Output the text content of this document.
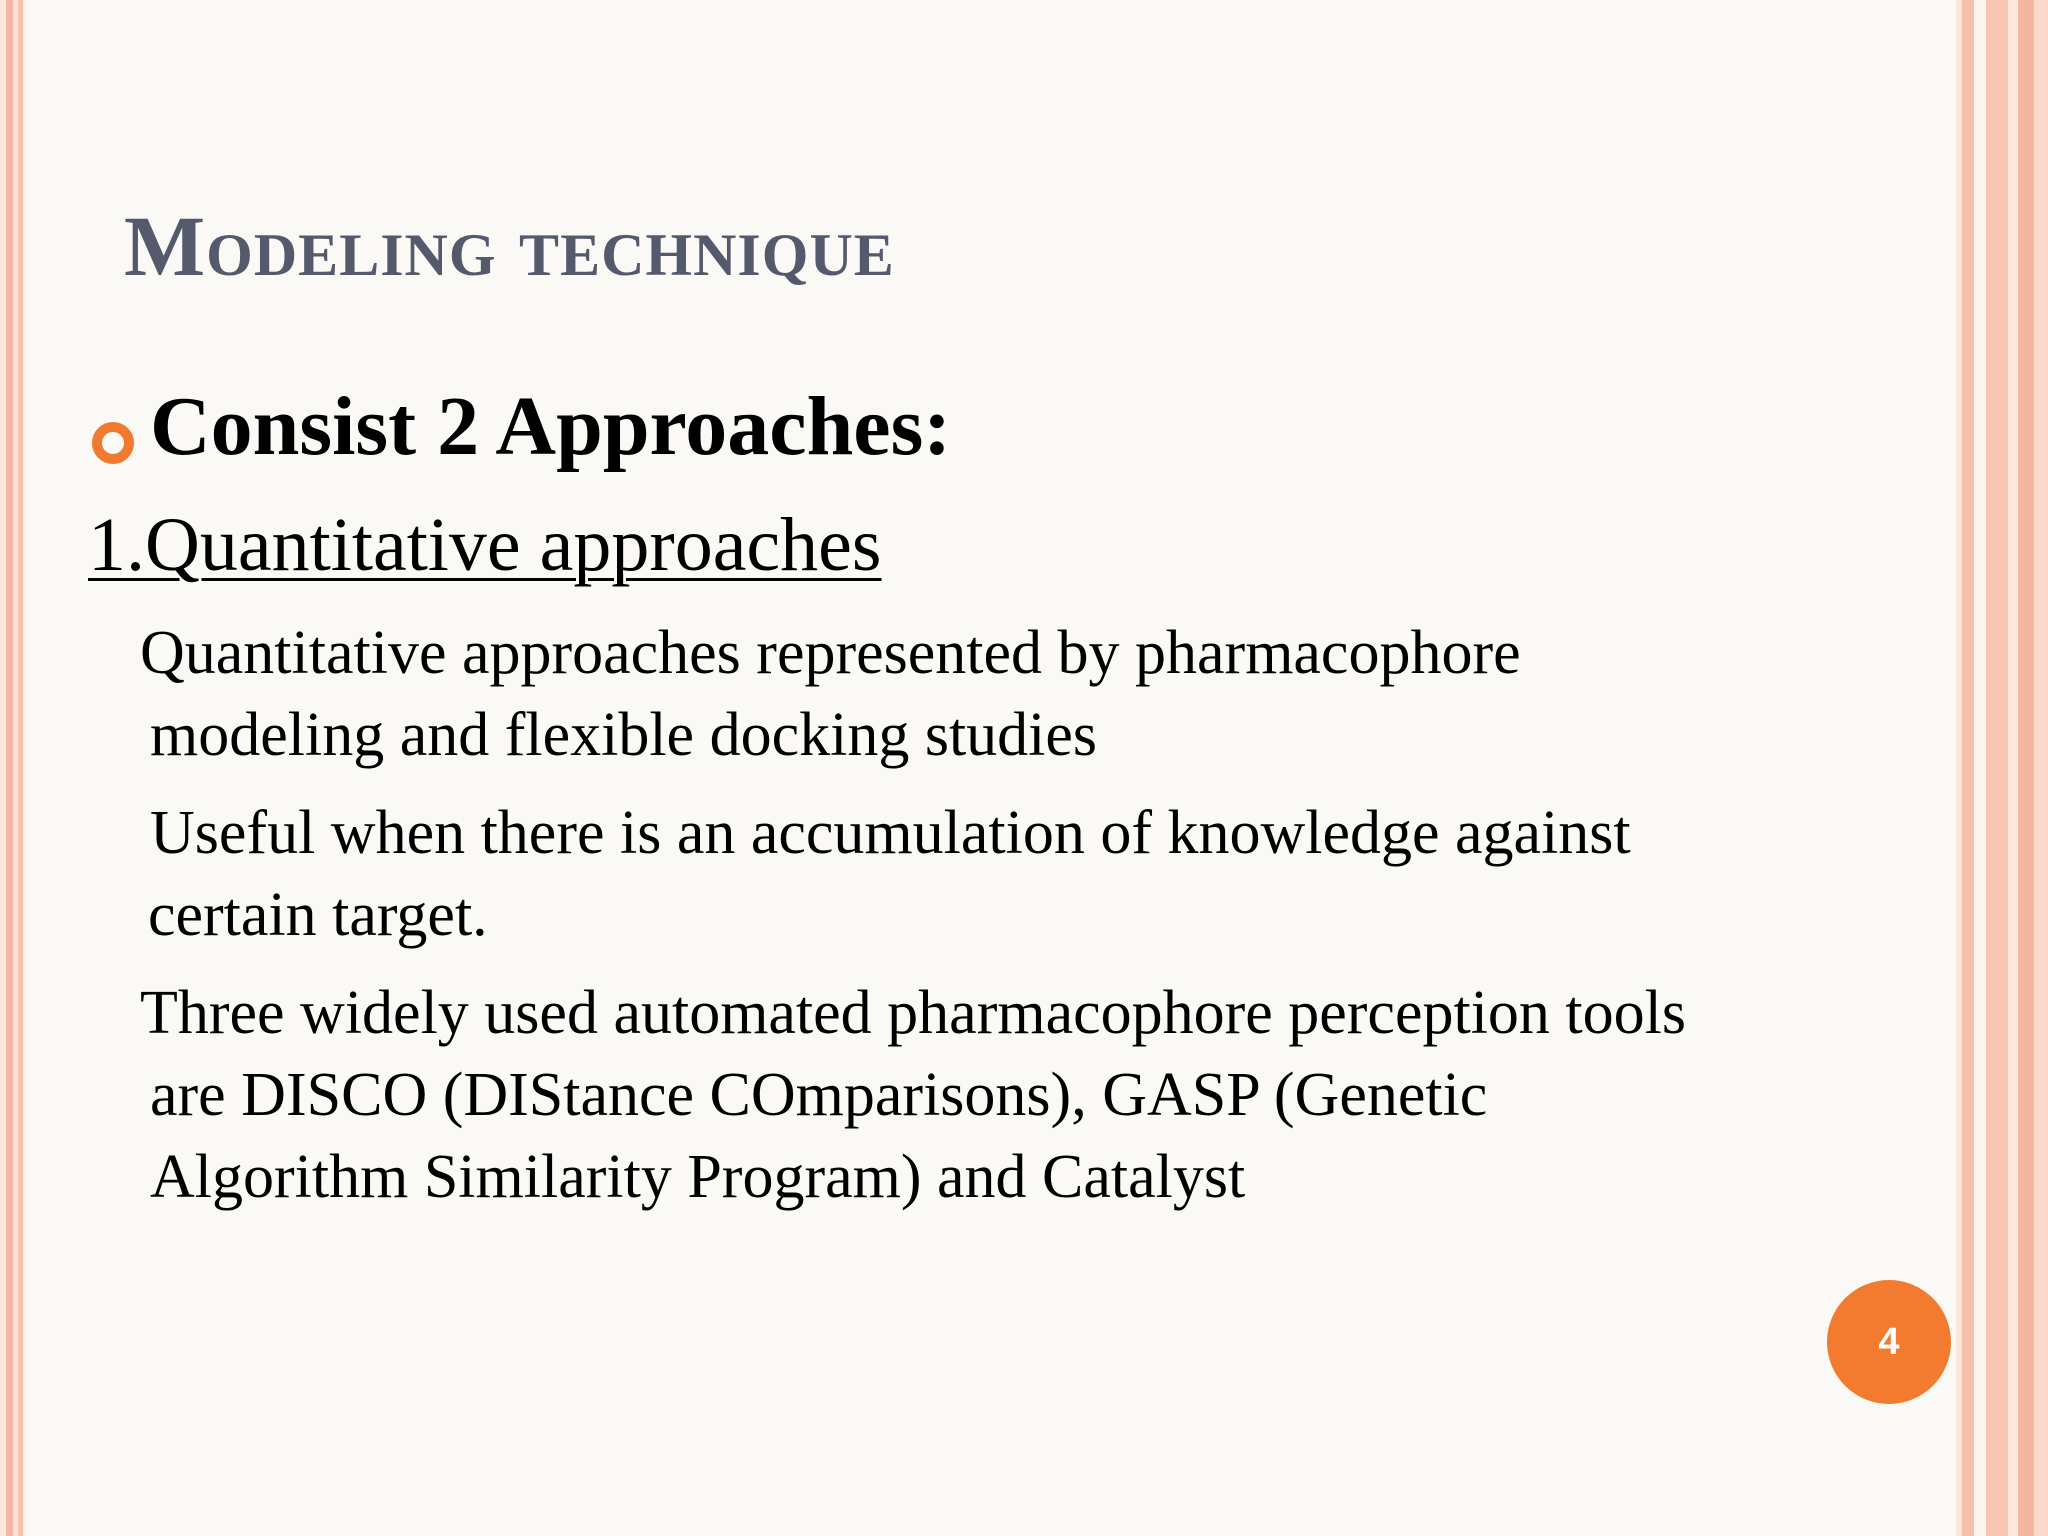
Modeling technique
Consist 2 Approaches:
1.Quantitative approaches
Quantitative approaches represented by pharmacophore
modeling and flexible docking studies
Useful when there is an accumulation of knowledge against
certain target.
Three widely used automated pharmacophore perception tools
are DISCO (DIStance COmparisons), GASP (Genetic
Algorithm Similarity Program) and Catalyst
4
